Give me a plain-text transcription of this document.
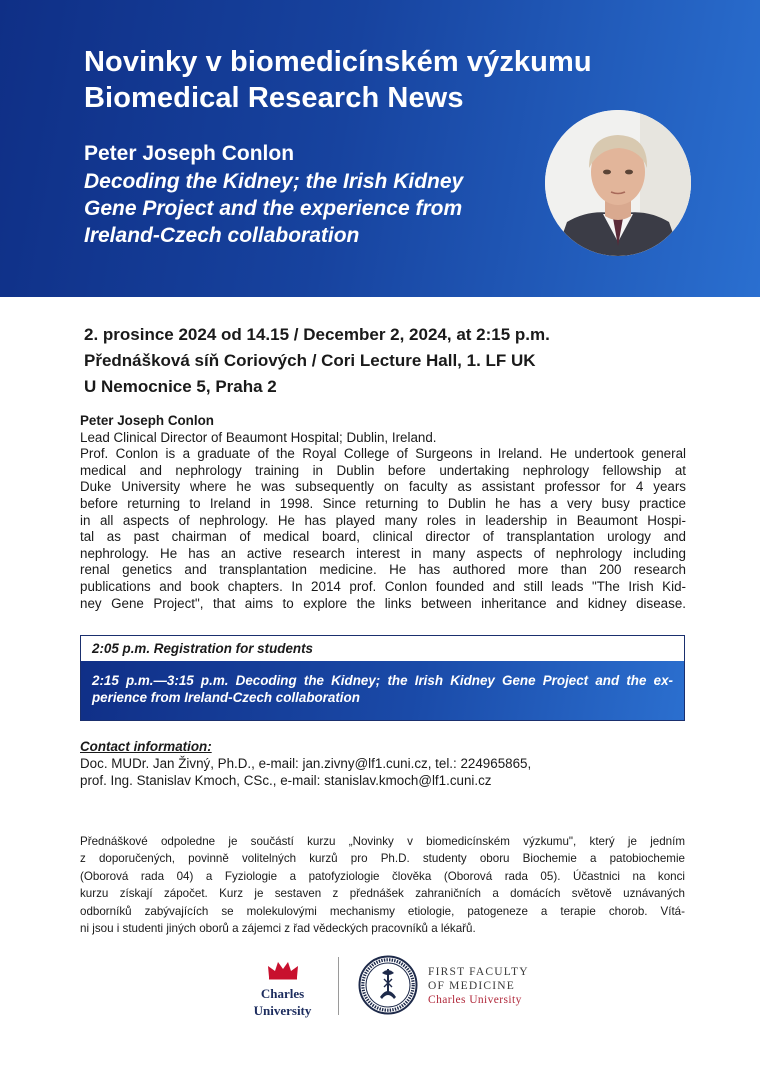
Novinky v biomedicínském výzkumu
Biomedical Research News
Peter Joseph Conlon
Decoding the Kidney; the Irish Kidney
Gene Project and the experience from
Ireland-Czech collaboration
2. prosince 2024 od 14.15 / December 2, 2024, at 2:15 p.m.
Přednášková síň Coriových / Cori Lecture Hall, 1. LF UK
U Nemocnice 5, Praha 2
Peter Joseph Conlon
Lead Clinical Director of Beaumont Hospital; Dublin, Ireland.
Prof. Conlon is a graduate of the Royal College of Surgeons in Ireland. He undertook general
medical and nephrology training in Dublin before undertaking nephrology fellowship at
Duke University where he was subsequently on faculty as assistant professor for 4 years
before returning to Ireland in 1998. Since returning to Dublin he has a very busy practice
in all aspects of nephrology. He has played many roles in leadership in Beaumont Hospi-
tal as past chairman of medical board, clinical director of transplantation urology and
nephrology. He has an active research interest in many aspects of nephrology including
renal genetics and transplantation medicine. He has authored more than 200 research
publications and book chapters. In 2014 prof. Conlon founded and still leads "The Irish Kid-
ney Gene Project", that aims to explore the links between inheritance and kidney disease.
2:05 p.m. Registration for students
2:15 p.m.—3:15 p.m. Decoding the Kidney; the Irish Kidney Gene Project and the ex-
perience from Ireland-Czech collaboration
Contact information:
Doc. MUDr. Jan Živný, Ph.D., e-mail: jan.zivny@lf1.cuni.cz, tel.: 224965865,
prof. Ing. Stanislav Kmoch, CSc., e-mail: stanislav.kmoch@lf1.cuni.cz
Přednáškové odpoledne je součástí kurzu „Novinky v biomedicínském výzkumu", který je jedním
z doporučených, povinně volitelných kurzů pro Ph.D. studenty oboru Biochemie a patobiochemie
(Oborová rada 04) a Fyziologie a patofyziologie člověka (Oborová rada 05). Účastnici na konci
kurzu získají zápočet. Kurz je sestaven z přednášek zahraničních a domácích světově uznávaných
odborníků zabývajících se molekulovými mechanismy etiologie, patogeneze a terapie chorob. Vítá-
ni jsou i studenti jiných oborů a zájemci z řad vědeckých pracovníků a lékařů.
Charles
University
FIRST FACULTY
OF MEDICINE
Charles University
